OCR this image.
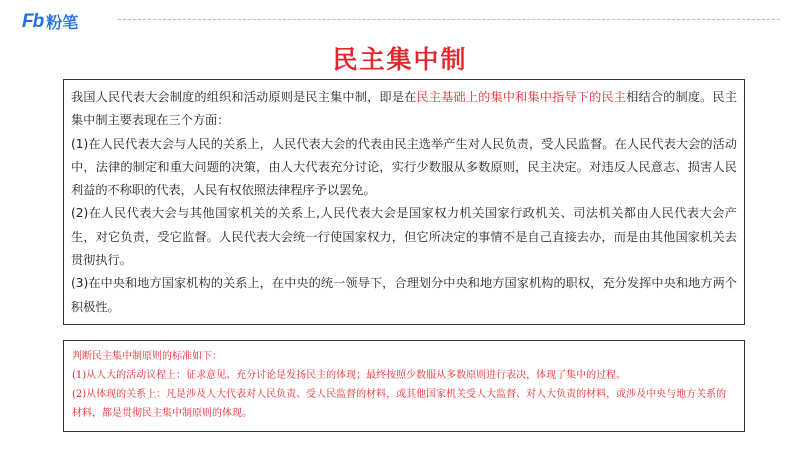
Fb 粉笔
民主集中制

我国人民代表大会制度的组织和活动原则是民主集中制，即是在民主基础上的集中和集中指导下的民主相结合的制度。民主集中制主要表现在三个方面：

(1)在人民代表大会与人民的关系上，人民代表大会的代表由民主选举产生对人民负责，受人民监督。在人民代表大会的活动中，法律的制定和重大问题的决策，由人大代表充分讨论，实行少数服从多数原则，民主决定。对违反人民意志、损害人民利益的不称职的代表，人民有权依照法律程序予以罢免。

(2)在人民代表大会与其他国家机关的关系上,人民代表大会是国家权力机关国家行政机关、司法机关都由人民代表大会产生，对它负责，受它监督。人民代表大会统一行使国家权力，但它所决定的事情不是自己直接去办，而是由其他国家机关去贯彻执行。

(3)在中央和地方国家机构的关系上，在中央的统一领导下，合理划分中央和地方国家机构的职权，充分发挥中央和地方两个积极性。

判断民主集中制原则的标准如下：

(1)从人大的活动议程上：征求意见、充分讨论是发扬民主的体现；最终按照少数服从多数原则进行表决，体现了集中的过程。

(2)从体现的关系上：凡是涉及人大代表对人民负责、受人民监督的材料，或其他国家机关受人大监督、对人大负责的材料，或涉及中央与地方关系的材料，都是贯彻民主集中制原则的体现。
